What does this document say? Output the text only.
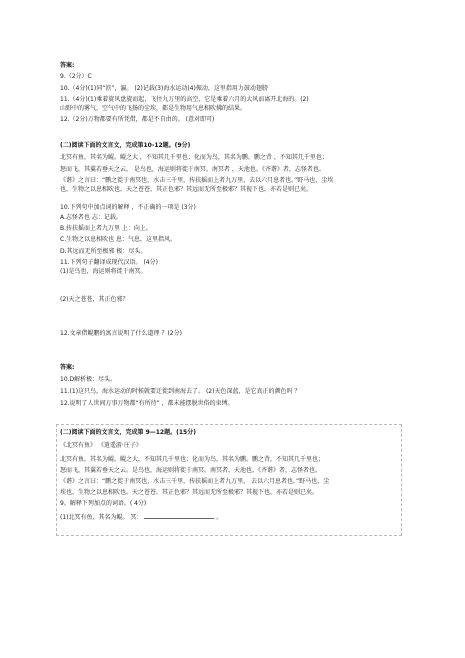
答案:
9.（2分）C
10.（4分)(1)同“滨”，瀛。 (2)记载(3)海水运动(4)振动，这里指用力鼓动翅膀
11.（4分)(1)乘着旋风盘旋而起，飞往九万里的高空，它是乘着六月的大风而离开北海的。(2)
山野中的雾气，空气中的飞扬的尘埃，都是生物用气息相吹拂的结果。
12.（2分)万物都要有所凭借，都是不自由的。 (意对即可)
(二)阅读下面的文言文，完成第10-12题。(9分)
北冥有鱼，其名为鲲。鲲之大 ，不知其几千里也；化而为鸟，其名为鹏。鹏之背 ，不知其几千里也；
怒而飞，其翼若垂天之云。 是鸟也，海运则将徙于南冥。南冥者 ，天池也。《齐谐》者，志怪者也。
《谐》之言曰：“鹏之徙于南冥也，水击三千里，抟扶摇而上者九万里，去以六月息者也。”野马也，尘埃
也，生物之以息相吹也。天之苍苍，其正色邪？其远而无所至极邪？其视下也，亦若是则已矣。
10.下列句中加点词的解释 ，不正确的一项是 (3分)
A.志怪者也 志：记载。
B.抟扶摇而上者九万里 上：向上。
C.生物之以息相吹也 息：气息，这里指风。
D.其远而无所至极邪 极：尽头。
11.下列句子翻译成现代汉语。 (4分)
(1)是鸟也，海运则将徙于南冥。
(2)天之苍苍，其正色邪？
12.文章借鲲鹏的寓言说明了什么道理 ？(2分)
答案:
10.D解析极：尽头。
11.(1)这只鸟，海水运动的时候就要迁徙到南海去了。 (2)天色深蓝，是它真正的颜色吗 ？
12.说明了人世间万事万物都“有所待” ，都未能摆脱世俗的束缚。
(二)阅读下面的文言文，完成第 9—12题。(15分)
《北冥有鱼》 《逍遥游·庄子》
北冥有鱼，其名为鲲。鲲之大，不知其几千里也；化而为鸟，其名为鹏。鹏之背，不知其几千里也；
怒而飞，其翼若垂天之云。是鸟也，海运则将徙于南冥。南冥者，天池也。《齐谐》者，志怪者也。
《谐》之言曰：“鹏之徙于南冥也，水击三千里，抟扶摇而上者九万里， 去以六月息者也。”野马也，尘
埃也，生物之以息相吹也。天之苍苍，其正色邪？其远而无所至极邪？其视下也，亦若是则已矣。
9。解释下列加点的词语。( 4分)
(1)北冥有鱼，其名为鲲。 冥：	。
